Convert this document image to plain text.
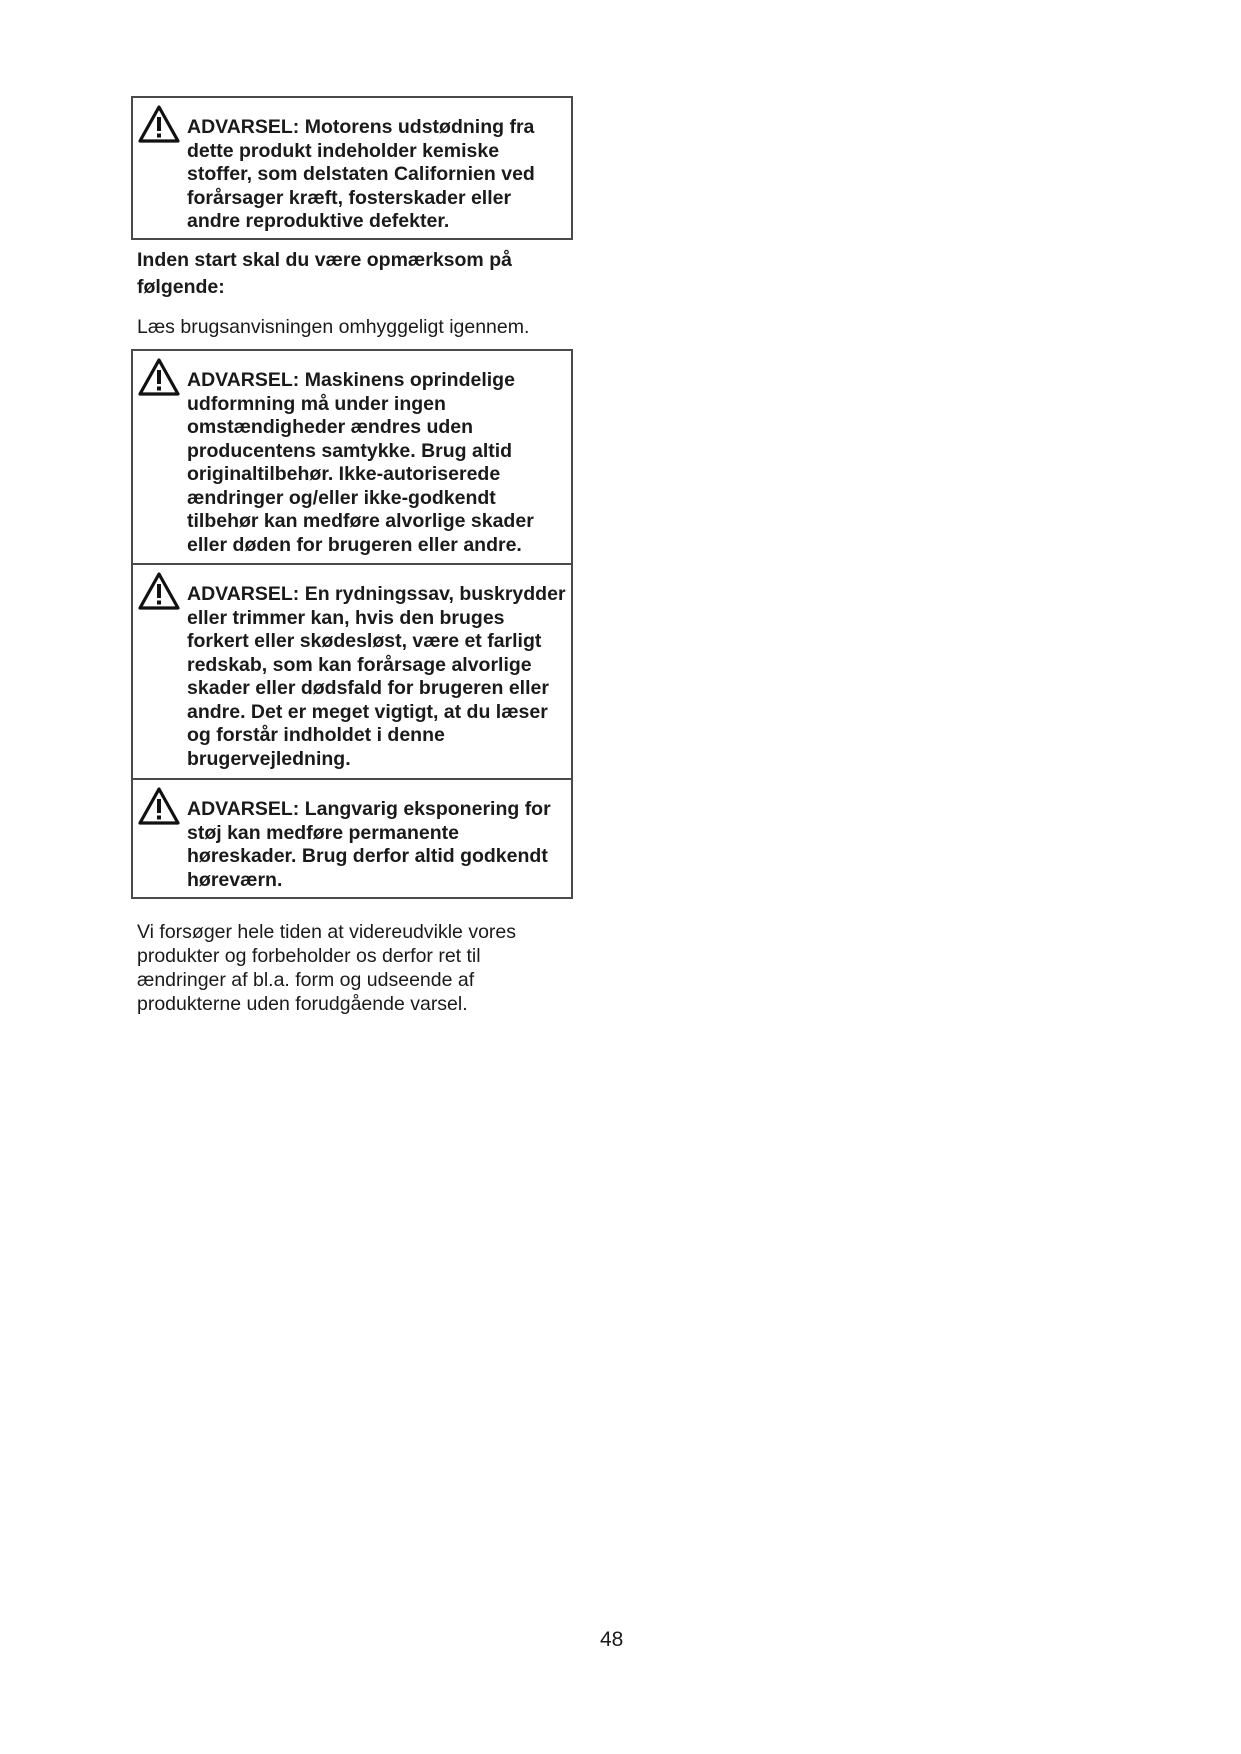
ADVARSEL: Motorens udstødning fra dette produkt indeholder kemiske stoffer, som delstaten Californien ved forårsager kræft, fosterskader eller andre reproduktive defekter.

Inden start skal du være opmærksom på følgende:

Læs brugsanvisningen omhyggeligt igennem.

ADVARSEL: Maskinens oprindelige udformning må under ingen omstændigheder ændres uden producentens samtykke. Brug altid originaltilbehør. Ikke-autoriserede ændringer og/eller ikke-godkendt tilbehør kan medføre alvorlige skader eller døden for brugeren eller andre.

ADVARSEL: En rydningssav, buskrydder eller trimmer kan, hvis den bruges forkert eller skødesløst, være et farligt redskab, som kan forårsage alvorlige skader eller dødsfald for brugeren eller andre. Det er meget vigtigt, at du læser og forstår indholdet i denne brugervejledning.

ADVARSEL: Langvarig eksponering for støj kan medføre permanente høreskader. Brug derfor altid godkendt høreværn.

Vi forsøger hele tiden at videreudvikle vores produkter og forbeholder os derfor ret til ændringer af bl.a. form og udseende af produkterne uden forudgående varsel.

48
